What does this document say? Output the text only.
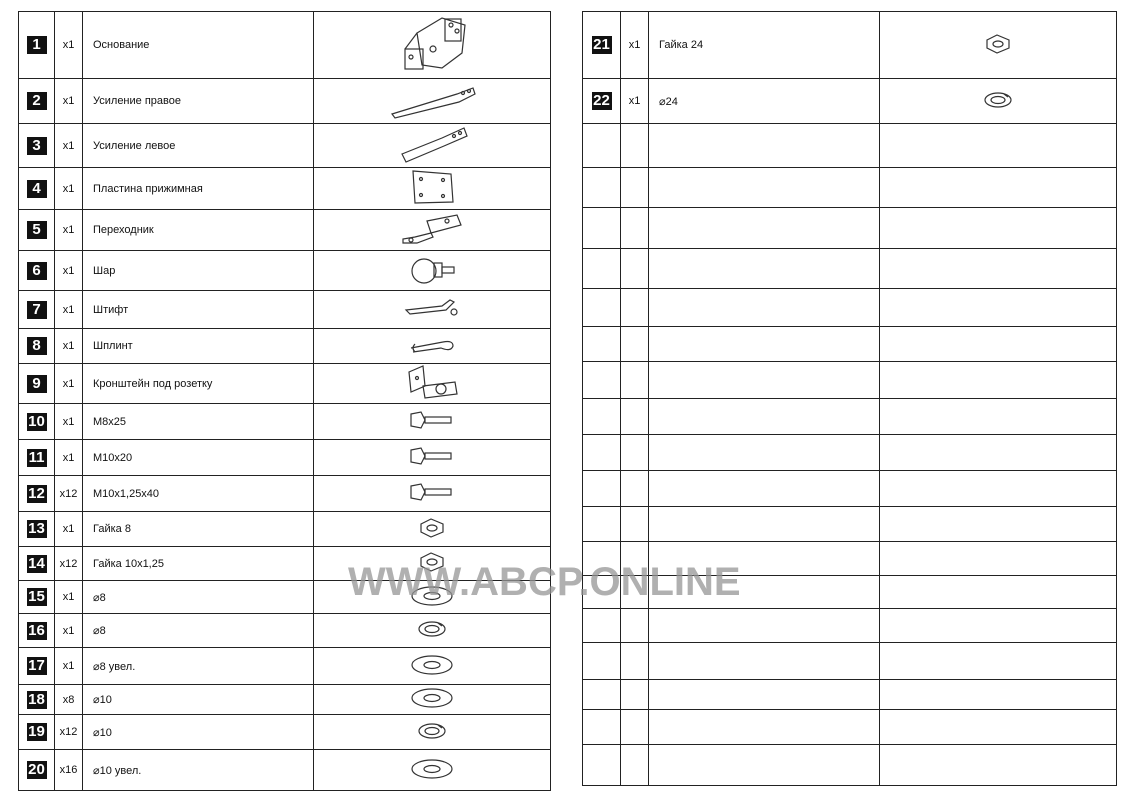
1	x1	Основание	

2	x1	Усиление правое	

3	x1	Усиление левое	

4	x1	Пластина прижимная	

5	x1	Переходник	

6	x1	Шар	

7	x1	Штифт	

8	x1	Шплинт	

9	x1	Кронштейн под розетку	

10	x1	M8x25	

11	x1	M10x20	

12	x12	M10x1,25x40	

13	x1	Гайка 8	

14	x12	Гайка 10x1,25	

15	x1	⌀8	

16	x1	⌀8	

17	x1	⌀8 увел.	

18	x8	⌀10	

19	x12	⌀10	

20	x16	⌀10 увел.	
21	x1	Гайка 24	

22	x1	⌀24	

WWW.ABCP.ONLINE
